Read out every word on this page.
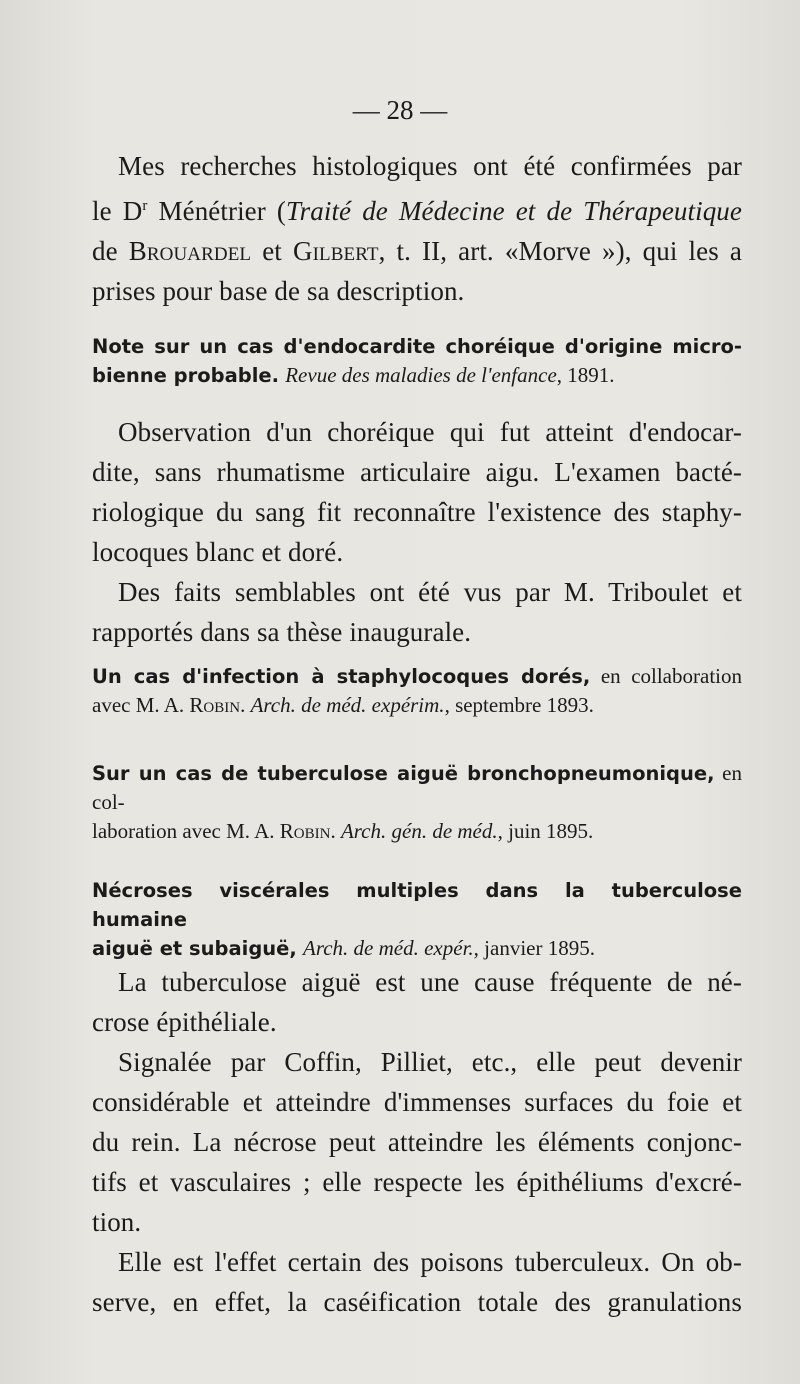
— 28 —

Mes recherches histologiques ont été confirmées par

le $D^r$ Ménétrier (Traité de Médecine et de Thérapeutique

de Brouardel et Gilbert, t. II, art. «Morve »), qui les a

prises pour base de sa description.

Note sur un cas d'endocardite choréique d'origine micro-

bienne probable. Revue des maladies de l'enfance, 1891.

Observation d'un choréique qui fut atteint d'endocar-

dite, sans rhumatisme articulaire aigu. L'examen bacté-

riologique du sang fit reconnaître l'existence des staphy-

locoques blanc et doré.

Des faits semblables ont été vus par M. Triboulet et

rapportés dans sa thèse inaugurale.

Un cas d'infection à staphylocoques dorés, en collaboration

avec M. A. Robin. Arch. de méd. expérim., septembre 1893.

Sur un cas de tuberculose aiguë bronchopneumonique, en col-

laboration avec M. A. Robin. Arch. gén. de méd., juin 1895.

Nécroses viscérales multiples dans la tuberculose humaine

aiguë et subaiguë, Arch. de méd. expér., janvier 1895.

La tuberculose aiguë est une cause fréquente de né-

crose épithéliale.

Signalée par Coffin, Pilliet, etc., elle peut devenir

considérable et atteindre d'immenses surfaces du foie et

du rein. La nécrose peut atteindre les éléments conjonc-

tifs et vasculaires ; elle respecte les épithéliums d'excré-

tion.

Elle est l'effet certain des poisons tuberculeux. On ob-

serve, en effet, la caséification totale des granulations
